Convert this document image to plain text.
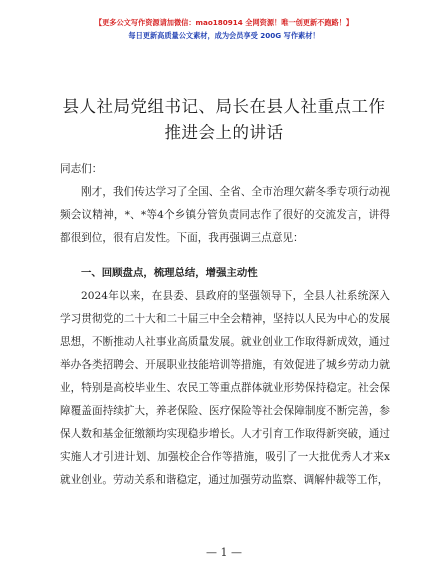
【更多公文写作资源请加微信：mao180914 全网资源！唯一创更新不跑路！】
每日更新高质量公文素材，成为会员享受 200G 写作素材！
县人社局党组书记、局长在县人社重点工作推进会上的讲话
同志们：
刚才，我们传达学习了全国、全省、全市治理欠薪冬季专项行动视频会议精神，*、*等4个乡镇分管负责同志作了很好的交流发言，讲得都很到位，很有启发性。下面，我再强调三点意见：
一、回顾盘点，梳理总结，增强主动性
2024年以来，在县委、县政府的坚强领导下，全县人社系统深入学习贯彻党的二十大和二十届三中全会精神，坚持以人民为中心的发展思想，不断推动人社事业高质量发展。就业创业工作取得新成效，通过举办各类招聘会、开展职业技能培训等措施，有效促进了城乡劳动力就业，特别是高校毕业生、农民工等重点群体就业形势保持稳定。社会保障覆盖面持续扩大，养老保险、医疗保险等社会保障制度不断完善，参保人数和基金征缴额均实现稳步增长。人才引育工作取得新突破，通过实施人才引进计划、加强校企合作等措施，吸引了一大批优秀人才来x就业创业。劳动关系和谐稳定，通过加强劳动监察、调解仲裁等工作，
— 1 —
